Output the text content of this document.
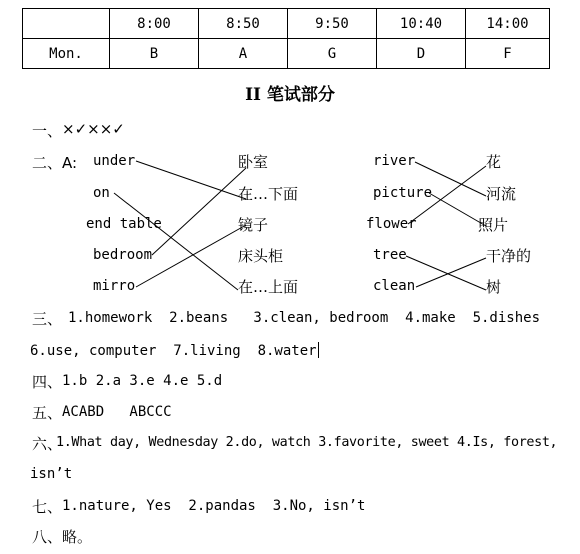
	8:00	8:50	9:50	10:40	14:00
Mon.	B	A	G	D	F
II 笔试部分
一、 ×✓××✓
二、A: under
on
end table
bedroom
mirro
卧室
在…下面
镜子
床头柜
在…上面
river
picture
flower
tree
clean
花
河流
照片
干净的
树
三、 1.homework  2.beans   3.clean, bedroom  4.make  5.dishes
6.use, computer  7.living  8.water
四、 1.b 2.a 3.e 4.e 5.d
五、 ACABD   ABCCC
六、
1.What day, Wednesday 2.do, watch 3.favorite, sweet 4.Is, forest,
isn’t
七、 1.nature, Yes  2.pandas  3.No, isn’t
八、 略。
